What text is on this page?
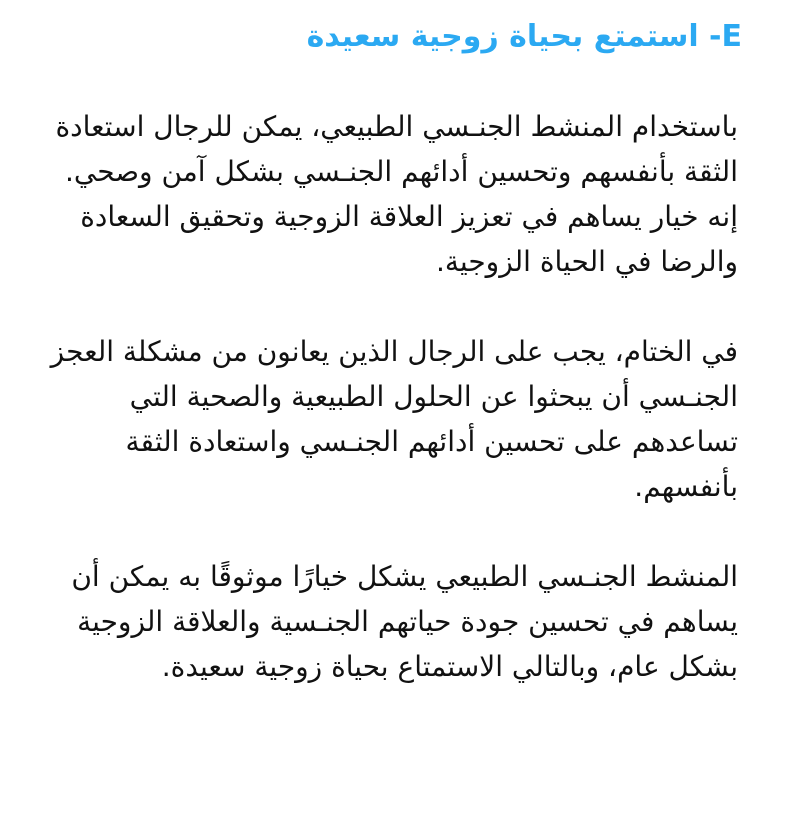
E- استمتع بحياة زوجية سعيدة

باستخدام المنشط الجنـسي الطبيعي، يمكن للرجال استعادة الثقة بأنفسهم وتحسين أدائهم الجنـسي بشكل آمن وصحي. إنه خيار يساهم في تعزيز العلاقة الزوجية وتحقيق السعادة والرضا في الحياة الزوجية.

في الختام، يجب على الرجال الذين يعانون من مشكلة العجز الجنـسي أن يبحثوا عن الحلول الطبيعية والصحية التي تساعدهم على تحسين أدائهم الجنـسي واستعادة الثقة بأنفسهم.

المنشط الجنـسي الطبيعي يشكل خيارًا موثوقًا به يمكن أن يساهم في تحسين جودة حياتهم الجنـسية والعلاقة الزوجية بشكل عام، وبالتالي الاستمتاع بحياة زوجية سعيدة.
